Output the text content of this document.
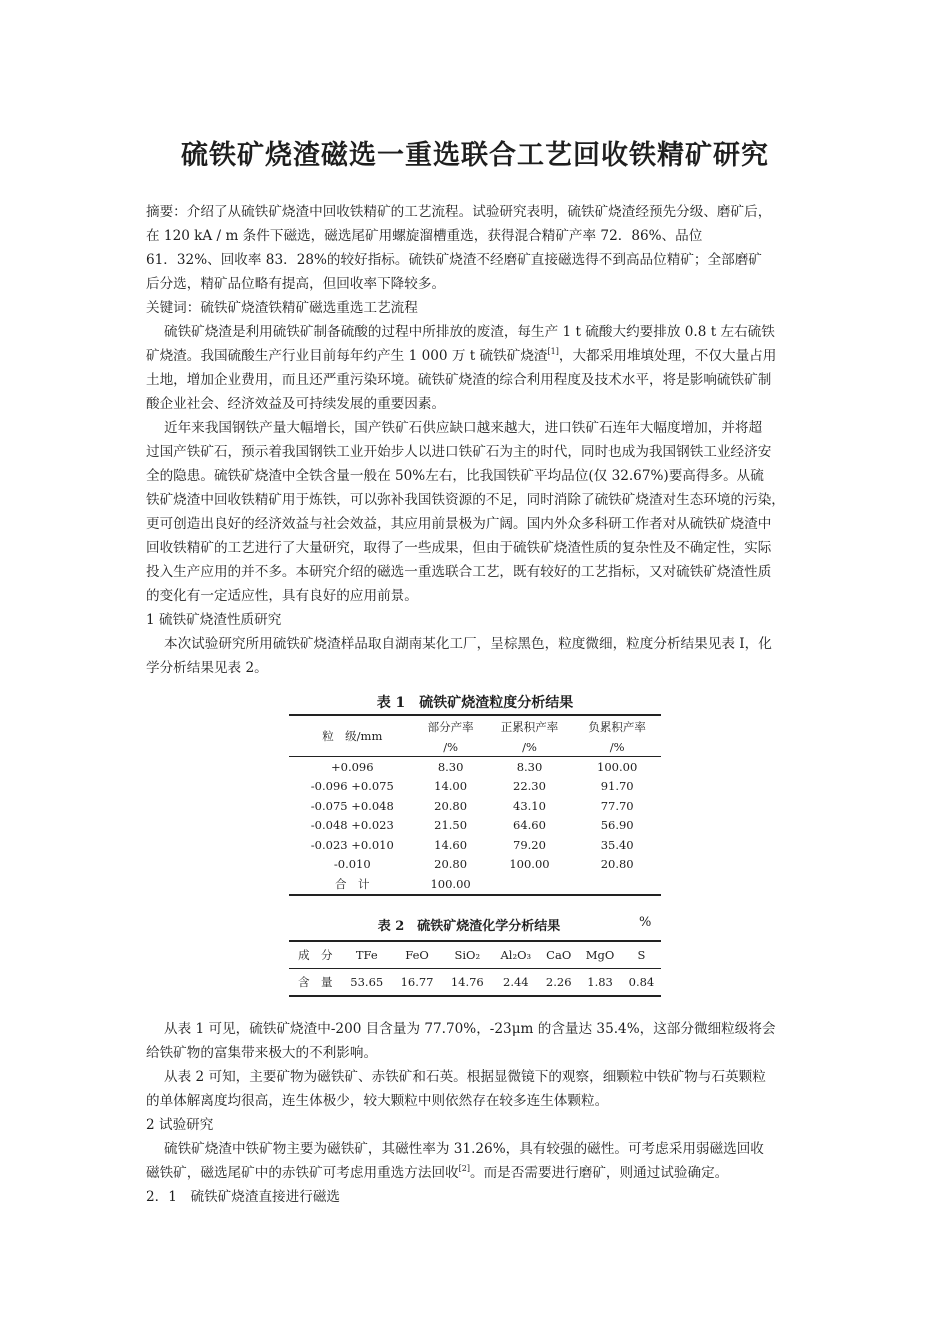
硫铁矿烧渣磁选一重选联合工艺回收铁精矿研究

摘要：介绍了从硫铁矿烧渣中回收铁精矿的工艺流程。试验研究表明，硫铁矿烧渣经预先分级、磨矿后，

在 120 kA / m 条件下磁选，磁选尾矿用螺旋溜槽重选，获得混合精矿产率 72．86%、品位

61．32%、回收率 83．28%的较好指标。硫铁矿烧渣不经磨矿直接磁选得不到高品位精矿；全部磨矿

后分选，精矿品位略有提高，但回收率下降较多。

关键词：硫铁矿烧渣铁精矿磁选重选工艺流程

硫铁矿烧渣是利用硫铁矿制备硫酸的过程中所排放的废渣，每生产 1 t 硫酸大约要排放 0.8 t 左右硫铁

矿烧渣。我国硫酸生产行业目前每年约产生 1 000 万 t 硫铁矿烧渣[1]，大都采用堆填处理，不仅大量占用

土地，增加企业费用，而且还严重污染环境。硫铁矿烧渣的综合利用程度及技术水平，将是影响硫铁矿制

酸企业社会、经济效益及可持续发展的重要因素。

近年来我国钢铁产量大幅增长，国产铁矿石供应缺口越来越大，进口铁矿石连年大幅度增加，并将超

过国产铁矿石，预示着我国钢铁工业开始步人以进口铁矿石为主的时代，同时也成为我国钢铁工业经济安

全的隐患。硫铁矿烧渣中全铁含量一般在 50%左右，比我国铁矿平均品位(仅 32.67%)要高得多。从硫

铁矿烧渣中回收铁精矿用于炼铁，可以弥补我国铁资源的不足，同时消除了硫铁矿烧渣对生态环境的污染，

更可创造出良好的经济效益与社会效益，其应用前景极为广阔。国内外众多科研工作者对从硫铁矿烧渣中

回收铁精矿的工艺进行了大量研究，取得了一些成果，但由于硫铁矿烧渣性质的复杂性及不确定性，实际

投入生产应用的并不多。本研究介绍的磁选一重选联合工艺，既有较好的工艺指标，又对硫铁矿烧渣性质

的变化有一定适应性，具有良好的应用前景。

1 硫铁矿烧渣性质研究

本次试验研究所用硫铁矿烧渣样品取自湖南某化工厂，呈棕黑色，粒度微细，粒度分析结果见表 I，化

学分析结果见表 2。

表 1　硫铁矿烧渣粒度分析结果

粒　级/mm	部分产率	正累积产率	负累积产率
	/%	/%	/%
+0.096	8.30	8.30	100.00
-0.096 +0.075	14.00	22.30	91.70
-0.075 +0.048	20.80	43.10	77.70
-0.048 +0.023	21.50	64.60	56.90
-0.023 +0.010	14.60	79.20	35.40
-0.010	20.80	100.00	20.80
合　计	100.00		
表 2　硫铁矿烧渣化学分析结果	%
成　分	TFe	FeO	SiO₂	Al₂O₃	CaO	MgO	S
含　量	53.65	16.77	14.76	2.44	2.26	1.83	0.84

从表 1 可见，硫铁矿烧渣中-200 目含量为 77.70%，-23μm 的含量达 35.4%，这部分微细粒级将会

给铁矿物的富集带来极大的不利影响。

从表 2 可知，主要矿物为磁铁矿、赤铁矿和石英。根据显微镜下的观察，细颗粒中铁矿物与石英颗粒

的单体解离度均很高，连生体极少，较大颗粒中则依然存在较多连生体颗粒。

2 试验研究

硫铁矿烧渣中铁矿物主要为磁铁矿，其磁性率为 31.26%，具有较强的磁性。可考虑采用弱磁选回收

磁铁矿，磁选尾矿中的赤铁矿可考虑用重选方法回收[2]。而是否需要进行磨矿，则通过试验确定。

2．1　硫铁矿烧渣直接进行磁选
